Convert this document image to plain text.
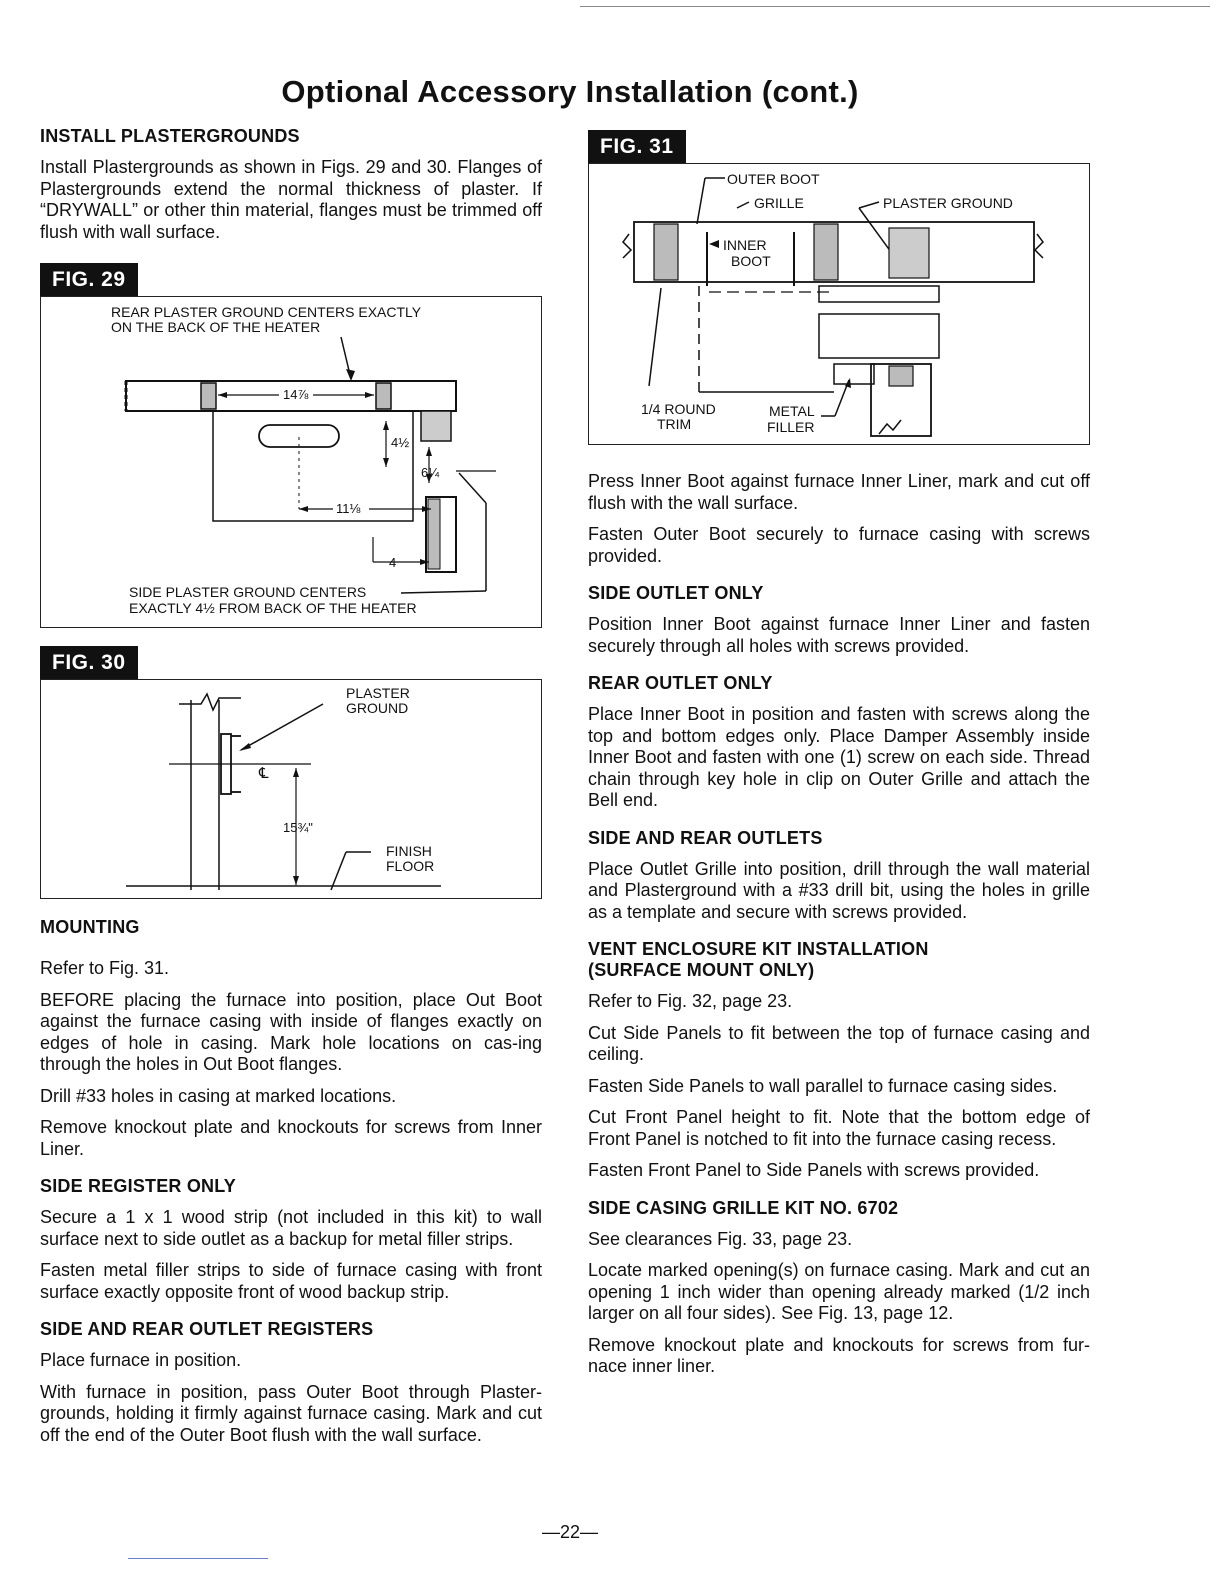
Optional Accessory Installation (cont.)
INSTALL PLASTERGROUNDS

Install Plastergrounds as shown in Figs. 29 and 30. Flanges of Plastergrounds extend the normal thickness of plaster. If “DRYWALL” or other thin material, flanges must be trimmed off flush with wall surface.

FIG. 29
REAR PLASTER GROUND CENTERS EXACTLY
ON THE BACK OF THE HEATER
14⅞
4½
6¼
11⅛
4
SIDE PLASTER GROUND CENTERS
EXACTLY 4½ FROM BACK OF THE HEATER
FIG. 30
PLASTER
GROUND
℄
15¾"
FINISH
FLOOR
MOUNTING

Refer to Fig. 31.

BEFORE placing the furnace into position, place Out Boot against the furnace casing with inside of flanges exactly on edges of hole in casing. Mark hole locations on cas-ing through the holes in Out Boot flanges.

Drill #33 holes in casing at marked locations.

Remove knockout plate and knockouts for screws from Inner Liner.

SIDE REGISTER ONLY

Secure a 1 x 1 wood strip (not included in this kit) to wall surface next to side outlet as a backup for metal filler strips.

Fasten metal filler strips to side of furnace casing with front surface exactly opposite front of wood backup strip.

SIDE AND REAR OUTLET REGISTERS

Place furnace in position.

With furnace in position, pass Outer Boot through Plaster-grounds, holding it firmly against furnace casing. Mark and cut off the end of the Outer Boot flush with the wall surface.

FIG. 31
OUTER BOOT
GRILLE	PLASTER GROUND
INNER
BOOT
1/4 ROUND
TRIM
METAL
FILLER

Press Inner Boot against furnace Inner Liner, mark and cut off flush with the wall surface.

Fasten Outer Boot securely to furnace casing with screws provided.

SIDE OUTLET ONLY

Position Inner Boot against furnace Inner Liner and fasten securely through all holes with screws provided.

REAR OUTLET ONLY

Place Inner Boot in position and fasten with screws along the top and bottom edges only. Place Damper Assembly inside Inner Boot and fasten with one (1) screw on each side. Thread chain through key hole in clip on Outer Grille and attach the Bell end.

SIDE AND REAR OUTLETS

Place Outlet Grille into position, drill through the wall material and Plasterground with a #33 drill bit, using the holes in grille as a template and secure with screws provided.

VENT ENCLOSURE KIT INSTALLATION
(SURFACE MOUNT ONLY)

Refer to Fig. 32, page 23.

Cut Side Panels to fit between the top of furnace casing and ceiling.

Fasten Side Panels to wall parallel to furnace casing sides.

Cut Front Panel height to fit. Note that the bottom edge of Front Panel is notched to fit into the furnace casing recess.

Fasten Front Panel to Side Panels with screws provided.

SIDE CASING GRILLE KIT NO. 6702

See clearances Fig. 33, page 23.

Locate marked opening(s) on furnace casing. Mark and cut an opening 1 inch wider than opening already marked (1/2 inch larger on all four sides). See Fig. 13, page 12.

Remove knockout plate and knockouts for screws from fur-nace inner liner.

—22—
